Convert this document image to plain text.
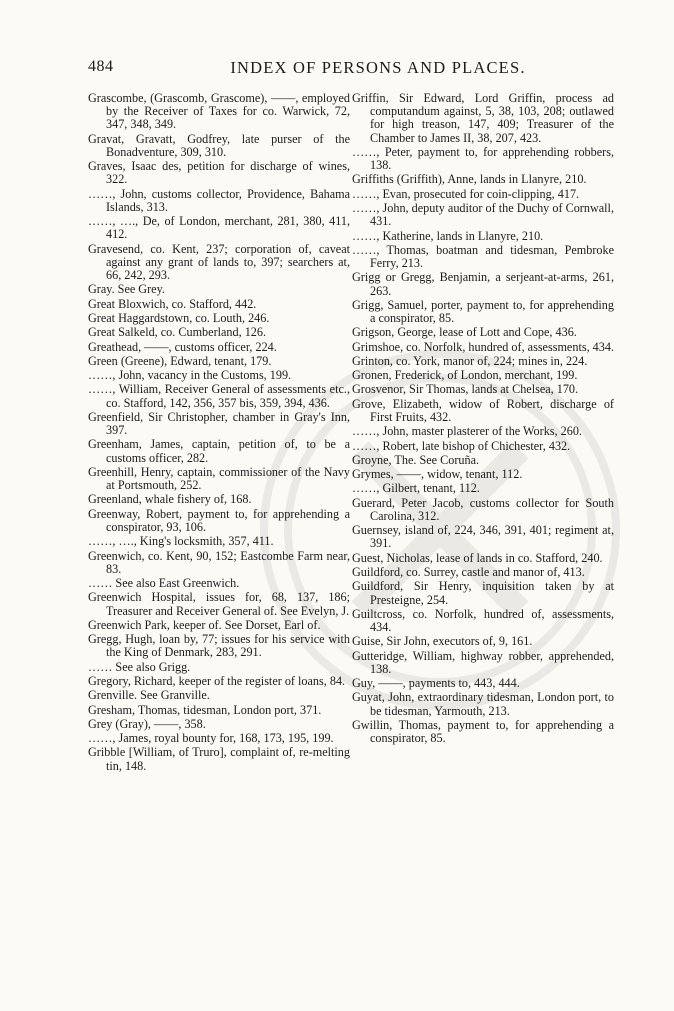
484	INDEX OF PERSONS AND PLACES.

Grascombe, (Grascomb, Grascome), ——, employed by the Receiver of Taxes for co. Warwick, 72, 347, 348, 349.

Gravat, Gravatt, Godfrey, late purser of the Bonadventure, 309, 310.

Graves, Isaac des, petition for discharge of wines, 322.

……, John, customs collector, Providence, Bahama Islands, 313.

……, …., De, of London, merchant, 281, 380, 411, 412.

Gravesend, co. Kent, 237; corporation of, caveat against any grant of lands to, 397; searchers at, 66, 242, 293.

Gray. See Grey.

Great Bloxwich, co. Stafford, 442.

Great Haggardstown, co. Louth, 246.

Great Salkeld, co. Cumberland, 126.

Greathead, ——, customs officer, 224.

Green (Greene), Edward, tenant, 179.

……, John, vacancy in the Customs, 199.

……, William, Receiver General of assessments etc., co. Stafford, 142, 356, 357 bis, 359, 394, 436.

Greenfield, Sir Christopher, chamber in Gray's Inn, 397.

Greenham, James, captain, petition of, to be a customs officer, 282.

Greenhill, Henry, captain, commissioner of the Navy at Portsmouth, 252.

Greenland, whale fishery of, 168.

Greenway, Robert, payment to, for apprehending a conspirator, 93, 106.

……, …., King's locksmith, 357, 411.

Greenwich, co. Kent, 90, 152; Eastcombe Farm near, 83.

…… See also East Greenwich.

Greenwich Hospital, issues for, 68, 137, 186; Treasurer and Receiver General of. See Evelyn, J.

Greenwich Park, keeper of. See Dorset, Earl of.

Gregg, Hugh, loan by, 77; issues for his service with the King of Denmark, 283, 291.

…… See also Grigg.

Gregory, Richard, keeper of the register of loans, 84.

Grenville. See Granville.

Gresham, Thomas, tidesman, London port, 371.

Grey (Gray), ——, 358.

……, James, royal bounty for, 168, 173, 195, 199.

Gribble [William, of Truro], complaint of, re-melting tin, 148.

Griffin, Sir Edward, Lord Griffin, process ad computandum against, 5, 38, 103, 208; outlawed for high treason, 147, 409; Treasurer of the Chamber to James II, 38, 207, 423.

……, Peter, payment to, for apprehending robbers, 138.

Griffiths (Griffith), Anne, lands in Llanyre, 210.

……, Evan, prosecuted for coin-clipping, 417.

……, John, deputy auditor of the Duchy of Cornwall, 431.

……, Katherine, lands in Llanyre, 210.

……, Thomas, boatman and tidesman, Pembroke Ferry, 213.

Grigg or Gregg, Benjamin, a serjeant-at-arms, 261, 263.

Grigg, Samuel, porter, payment to, for apprehending a conspirator, 85.

Grigson, George, lease of Lott and Cope, 436.

Grimshoe, co. Norfolk, hundred of, assessments, 434.

Grinton, co. York, manor of, 224; mines in, 224.

Gronen, Frederick, of London, merchant, 199.

Grosvenor, Sir Thomas, lands at Chelsea, 170.

Grove, Elizabeth, widow of Robert, discharge of First Fruits, 432.

……, John, master plasterer of the Works, 260.

……, Robert, late bishop of Chichester, 432.

Groyne, The. See Coruña.

Grymes, ——, widow, tenant, 112.

……, Gilbert, tenant, 112.

Guerard, Peter Jacob, customs collector for South Carolina, 312.

Guernsey, island of, 224, 346, 391, 401; regiment at, 391.

Guest, Nicholas, lease of lands in co. Stafford, 240.

Guildford, co. Surrey, castle and manor of, 413.

Guildford, Sir Henry, inquisition taken by at Presteigne, 254.

Guiltcross, co. Norfolk, hundred of, assessments, 434.

Guise, Sir John, executors of, 9, 161.

Gutteridge, William, highway robber, apprehended, 138.

Guy, ——, payments to, 443, 444.

Guyat, John, extraordinary tidesman, London port, to be tidesman, Yarmouth, 213.

Gwillin, Thomas, payment to, for apprehending a conspirator, 85.
